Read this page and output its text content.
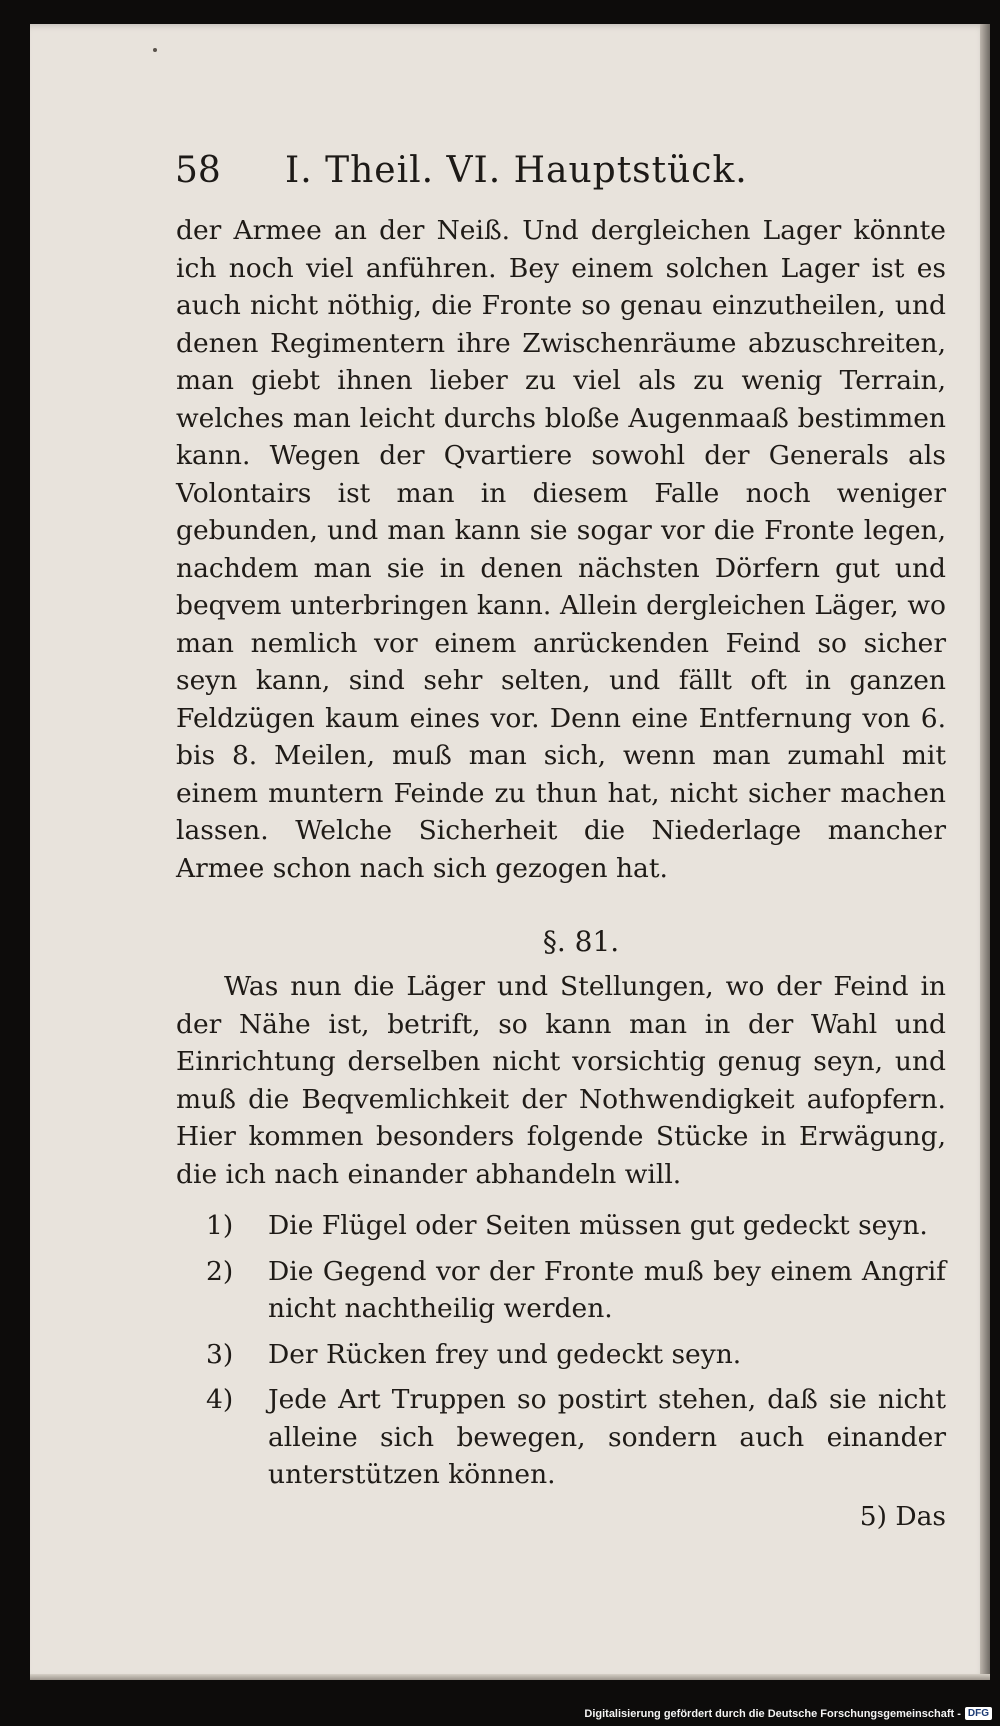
58	I. Theil. VI. Hauptstück.

der Armee an der Neiß. Und dergleichen Lager könnte ich noch viel anführen. Bey einem solchen Lager ist es auch nicht nöthig, die Fronte so genau einzutheilen, und denen Regimentern ihre Zwischenräume abzuschreiten, man giebt ihnen lieber zu viel als zu wenig Terrain, welches man leicht durchs bloße Augenmaaß bestimmen kann. Wegen der Qvartiere sowohl der Generals als Volontairs ist man in diesem Falle noch weniger gebunden, und man kann sie sogar vor die Fronte legen, nachdem man sie in denen nächsten Dörfern gut und beqvem unterbringen kann. Allein dergleichen Läger, wo man nemlich vor einem anrückenden Feind so sicher seyn kann, sind sehr selten, und fällt oft in ganzen Feldzügen kaum eines vor. Denn eine Entfernung von 6. bis 8. Meilen, muß man sich, wenn man zumahl mit einem muntern Feinde zu thun hat, nicht sicher machen lassen. Welche Sicherheit die Niederlage mancher Armee schon nach sich gezogen hat.

§. 81.

Was nun die Läger und Stellungen, wo der Feind in der Nähe ist, betrift, so kann man in der Wahl und Einrichtung derselben nicht vorsichtig genug seyn, und muß die Beqvemlichkeit der Nothwendigkeit aufopfern. Hier kommen besonders folgende Stücke in Erwägung, die ich nach einander abhandeln will.

1)	Die Flügel oder Seiten müssen gut gedeckt seyn.
2)	Die Gegend vor der Fronte muß bey einem Angrif nicht nachtheilig werden.
3)	Der Rücken frey und gedeckt seyn.
4)	Jede Art Truppen so postirt stehen, daß sie nicht alleine sich bewegen, sondern auch einander unterstützen können.
5) Das
Digitalisierung gefördert durch die Deutsche Forschungsgemeinschaft - DFG
